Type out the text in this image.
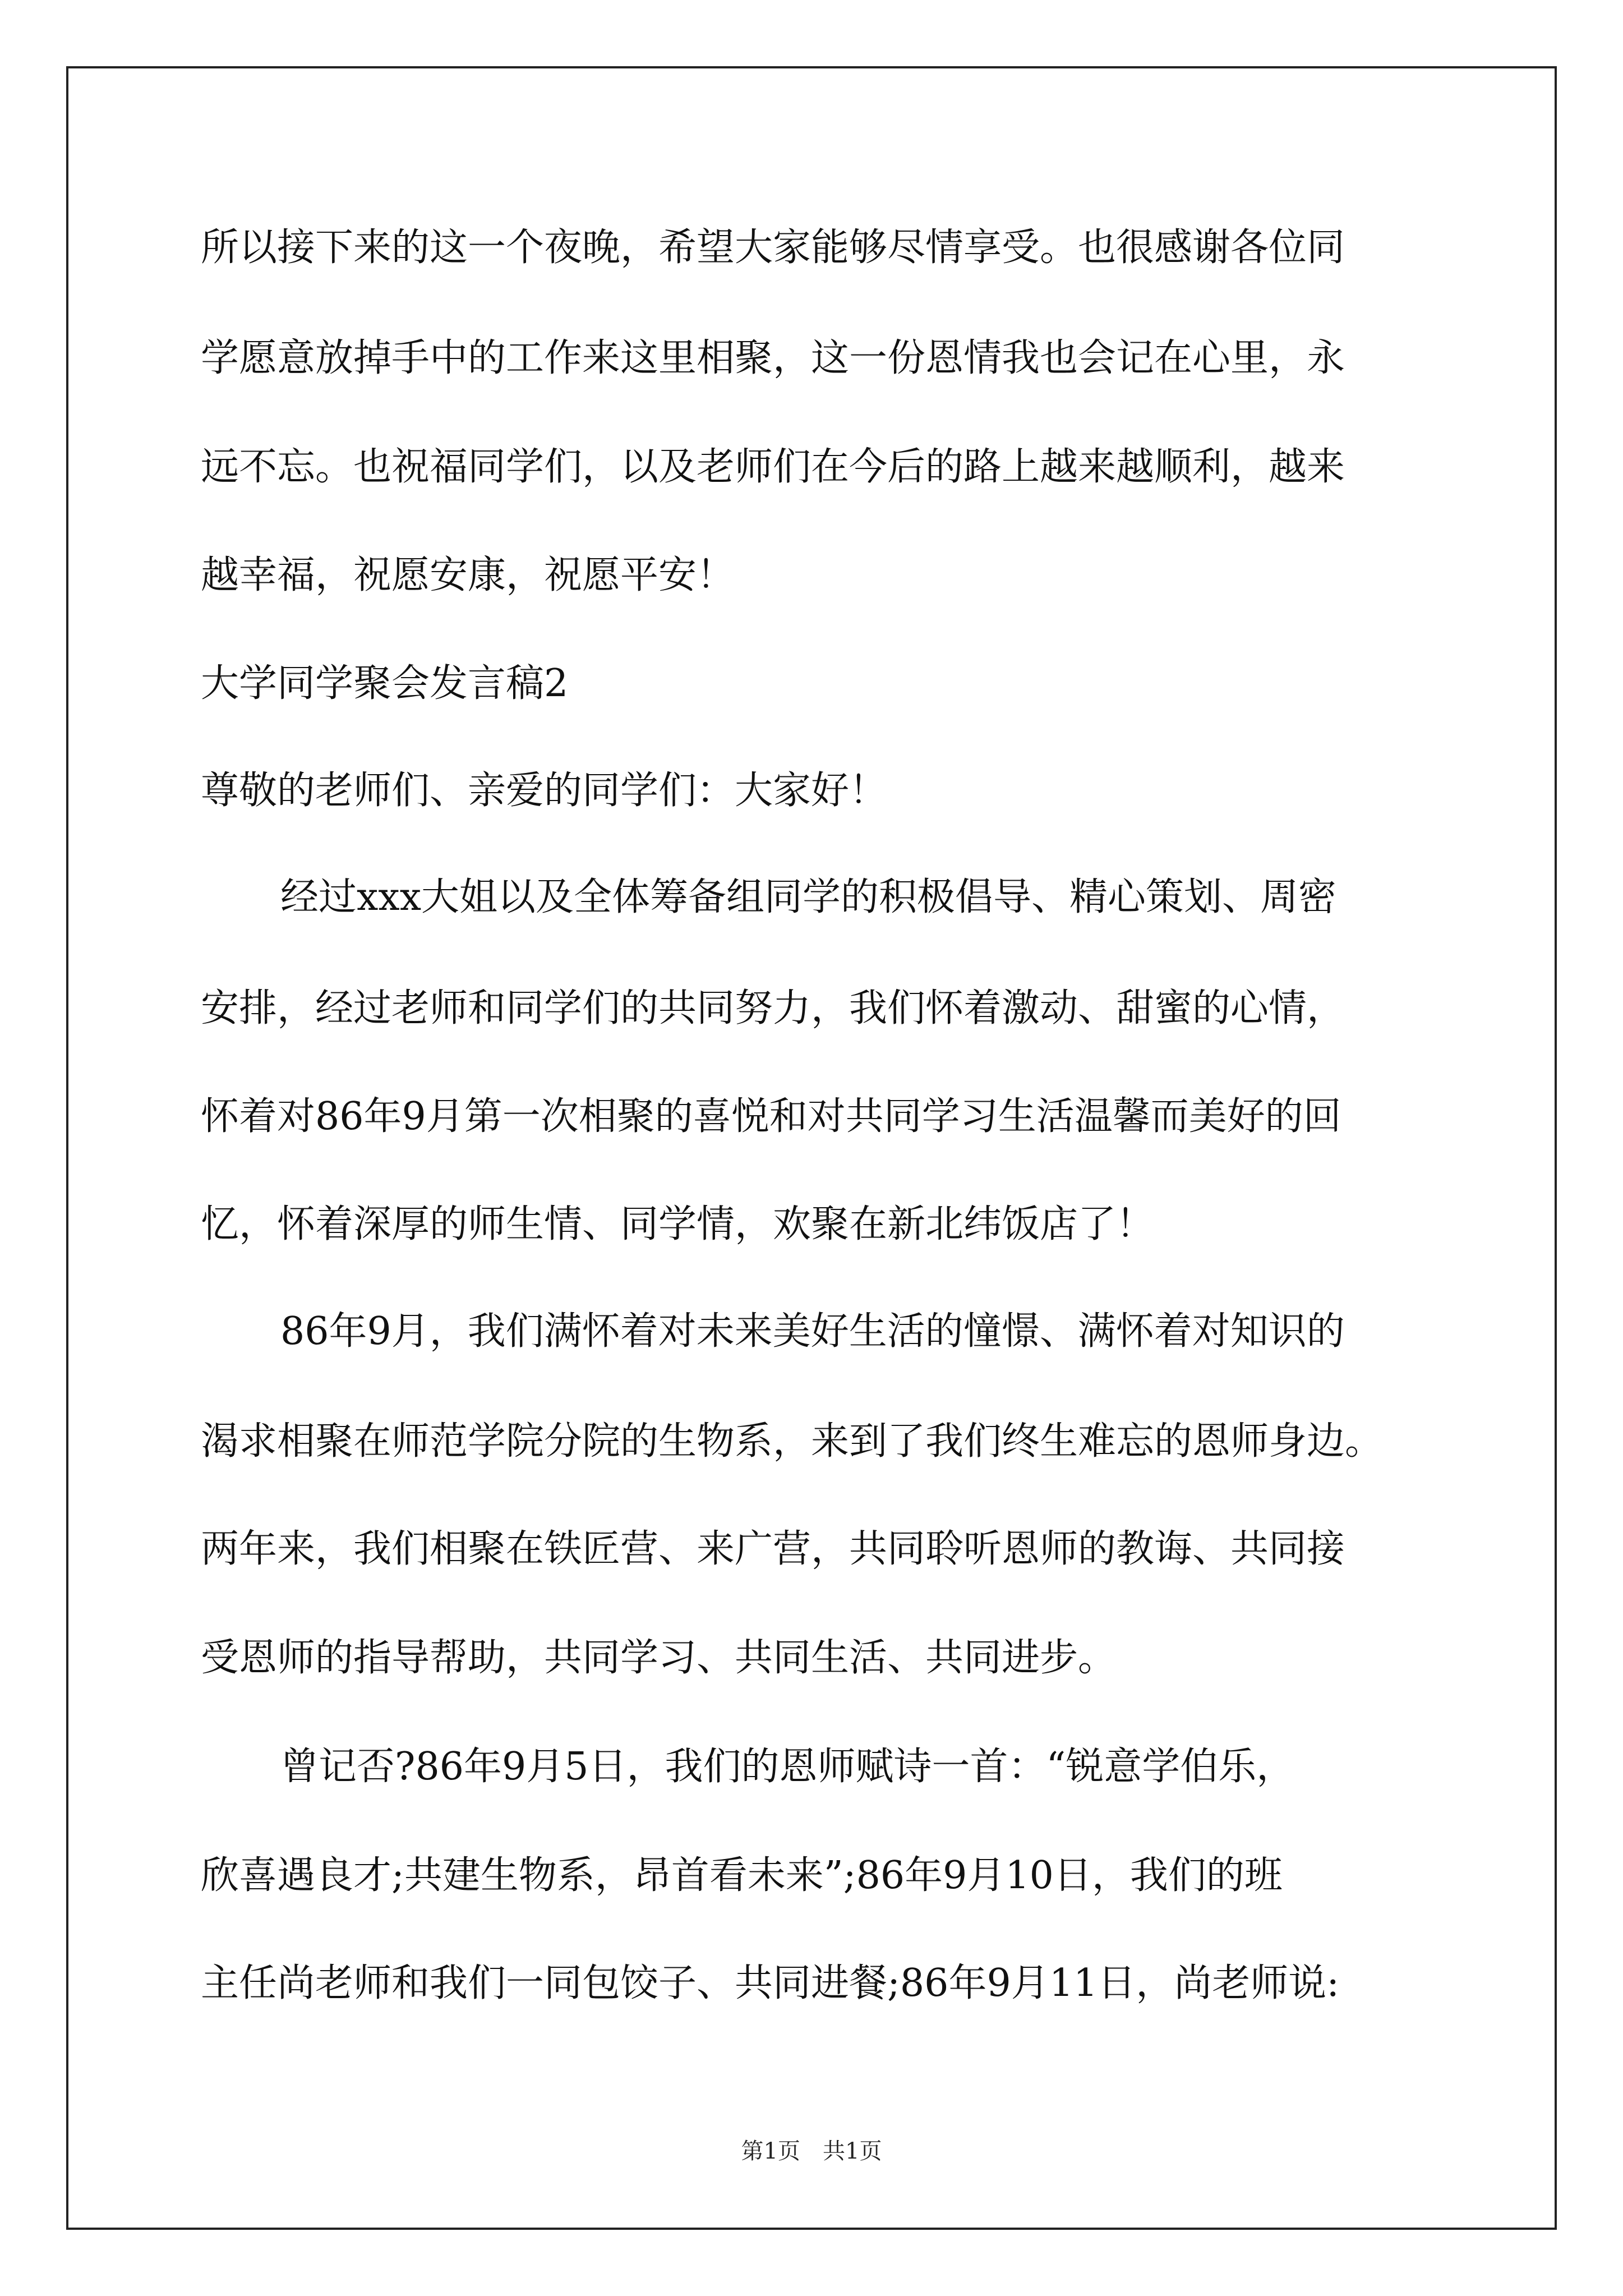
所以接下来的这一个夜晚，希望大家能够尽情享受。也很感谢各位同
学愿意放掉手中的工作来这里相聚，这一份恩情我也会记在心里，永
远不忘。也祝福同学们，以及老师们在今后的路上越来越顺利，越来
越幸福，祝愿安康，祝愿平安！
大学同学聚会发言稿2
尊敬的老师们、亲爱的同学们：大家好！
经过xxx大姐以及全体筹备组同学的积极倡导、精心策划、周密
安排，经过老师和同学们的共同努力，我们怀着激动、甜蜜的心情，
怀着对86年9月第一次相聚的喜悦和对共同学习生活温馨而美好的回
忆，怀着深厚的师生情、同学情，欢聚在新北纬饭店了！
86年9月，我们满怀着对未来美好生活的憧憬、满怀着对知识的
渴求相聚在师范学院分院的生物系，来到了我们终生难忘的恩师身边。
两年来，我们相聚在铁匠营、来广营，共同聆听恩师的教诲、共同接
受恩师的指导帮助，共同学习、共同生活、共同进步。
曾记否?86年9月5日，我们的恩师赋诗一首：“锐意学伯乐，
欣喜遇良才;共建生物系，昂首看未来”;86年9月10日，我们的班
主任尚老师和我们一同包饺子、共同进餐;86年9月11日，尚老师说:
第1页　共1页
